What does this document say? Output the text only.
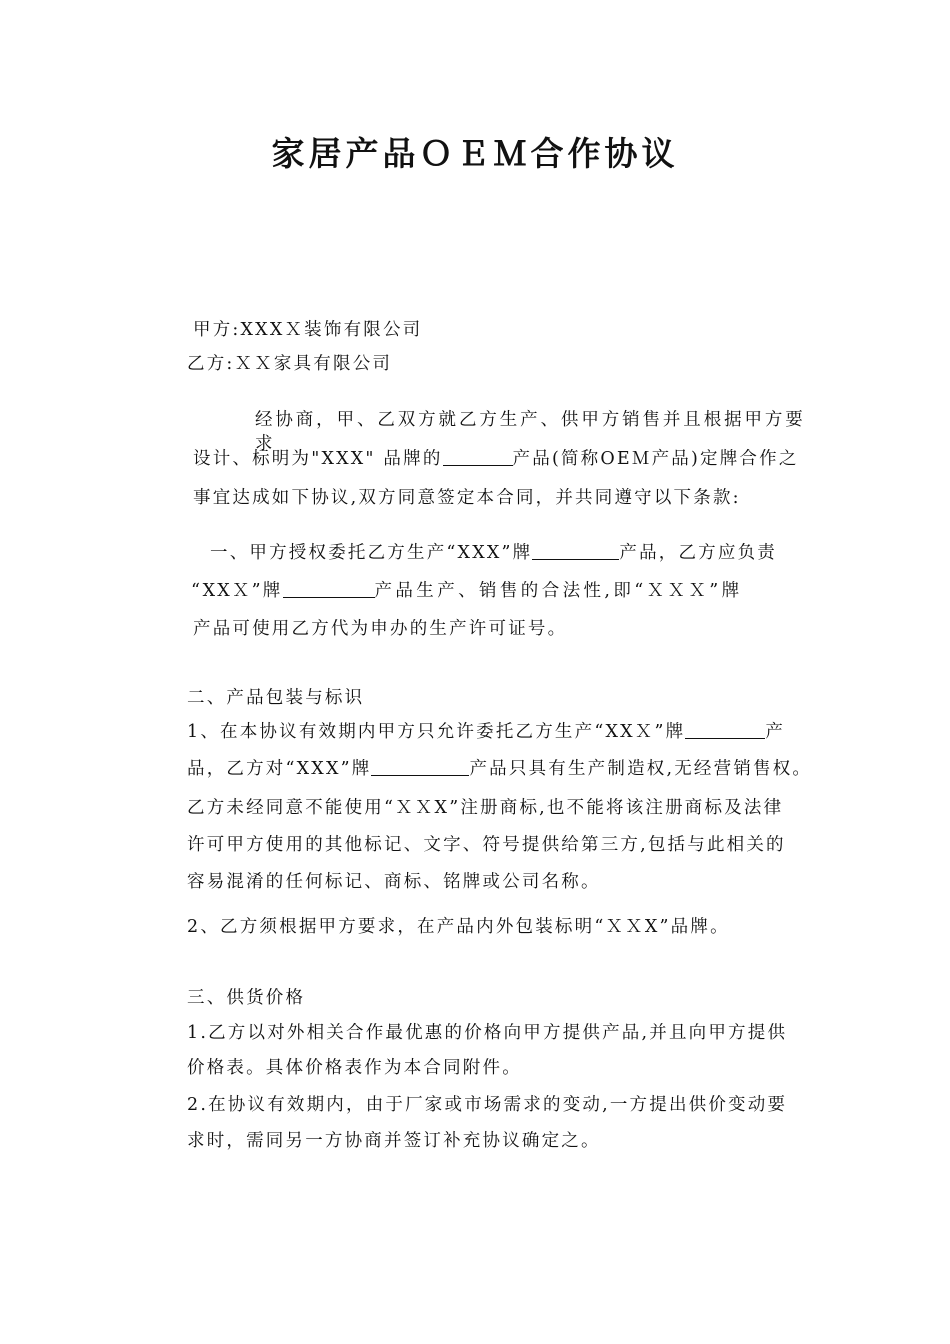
家居产品ＯＥＭ合作协议
甲方:XXXＸ装饰有限公司
乙方:ＸＸ家具有限公司
经协商，甲、乙双方就乙方生产、供甲方销售并且根据甲方要求
设计、标明为"XXX" 品牌的	产品(简称OEＭ产品)定牌合作之
事宜达成如下协议,双方同意签定本合同，并共同遵守以下条款:
一、甲方授权委托乙方生产“XXX”牌	产品，乙方应负责
“XXＸ”牌	产品生产、销售的合法性,即“ＸＸＸ”牌
产品可使用乙方代为申办的生产许可证号。
二、产品包装与标识
1、在本协议有效期内甲方只允许委托乙方生产“XXＸ”牌	产
品，乙方对“XXX”牌	产品只具有生产制造权,无经营销售权。
乙方未经同意不能使用“ＸＸX”注册商标,也不能将该注册商标及法律
许可甲方使用的其他标记、文字、符号提供给第三方,包括与此相关的
容易混淆的任何标记、商标、铭牌或公司名称。
2、乙方须根据甲方要求，在产品内外包装标明“ＸＸX”品牌。
三、供货价格
1.乙方以对外相关合作最优惠的价格向甲方提供产品,并且向甲方提供
价格表。具体价格表作为本合同附件。
2.在协议有效期内，由于厂家或市场需求的变动,一方提出供价变动要
求时，需同另一方协商并签订补充协议确定之。
